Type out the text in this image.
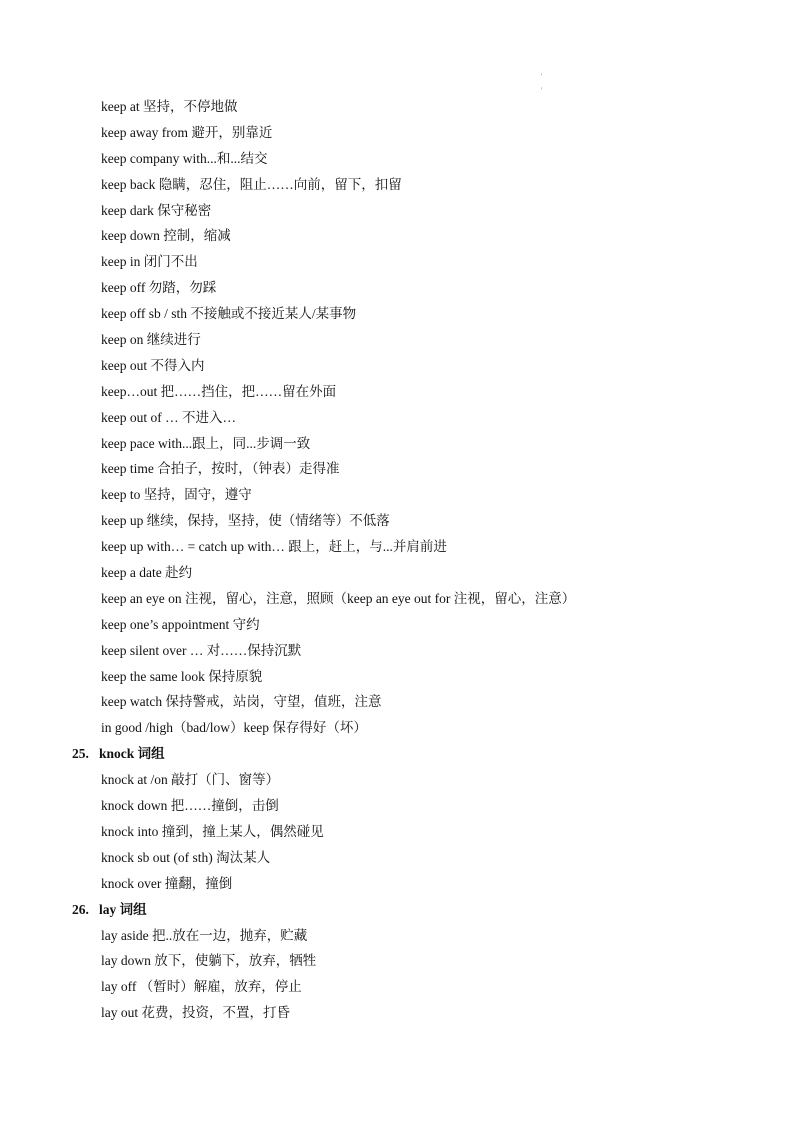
'
'
keep at 坚持，不停地做
keep away from 避开，别靠近
keep company with...和...结交
keep back 隐瞒，忍住，阻止……向前，留下，扣留
keep dark 保守秘密
keep down 控制，缩减
keep in 闭门不出
keep off 勿踏，勿踩
keep off sb / sth 不接触或不接近某人/某事物
keep on 继续进行
keep out 不得入内
keep…out 把……挡住，把……留在外面
keep out of … 不进入…
keep pace with...跟上，同...步调一致
keep time 合拍子，按时，（钟表）走得准
keep to 坚持，固守，遵守
keep up 继续，保持，坚持，使（情绪等）不低落
keep up with… = catch up with… 跟上，赶上，与...并肩前进
keep a date 赴约
keep an eye on 注视，留心，注意，照顾（keep an eye out for 注视，留心，注意）
keep one’s appointment 守约
keep silent over … 对……保持沉默
keep the same look 保持原貌
keep watch 保持警戒，站岗，守望，值班，注意
in good /high（bad/low）keep 保存得好（坏）
25. knock 词组
knock at /on 敲打（门、窗等）
knock down 把……撞倒，击倒
knock into 撞到，撞上某人，偶然碰见
knock sb out (of sth) 淘汰某人
knock over 撞翻，撞倒
26. lay 词组
lay aside 把..放在一边，抛弃，贮藏
lay down 放下，使躺下，放弃，牺牲
lay off （暂时）解雇，放弃，停止
lay out 花费，投资，不置，打昏
